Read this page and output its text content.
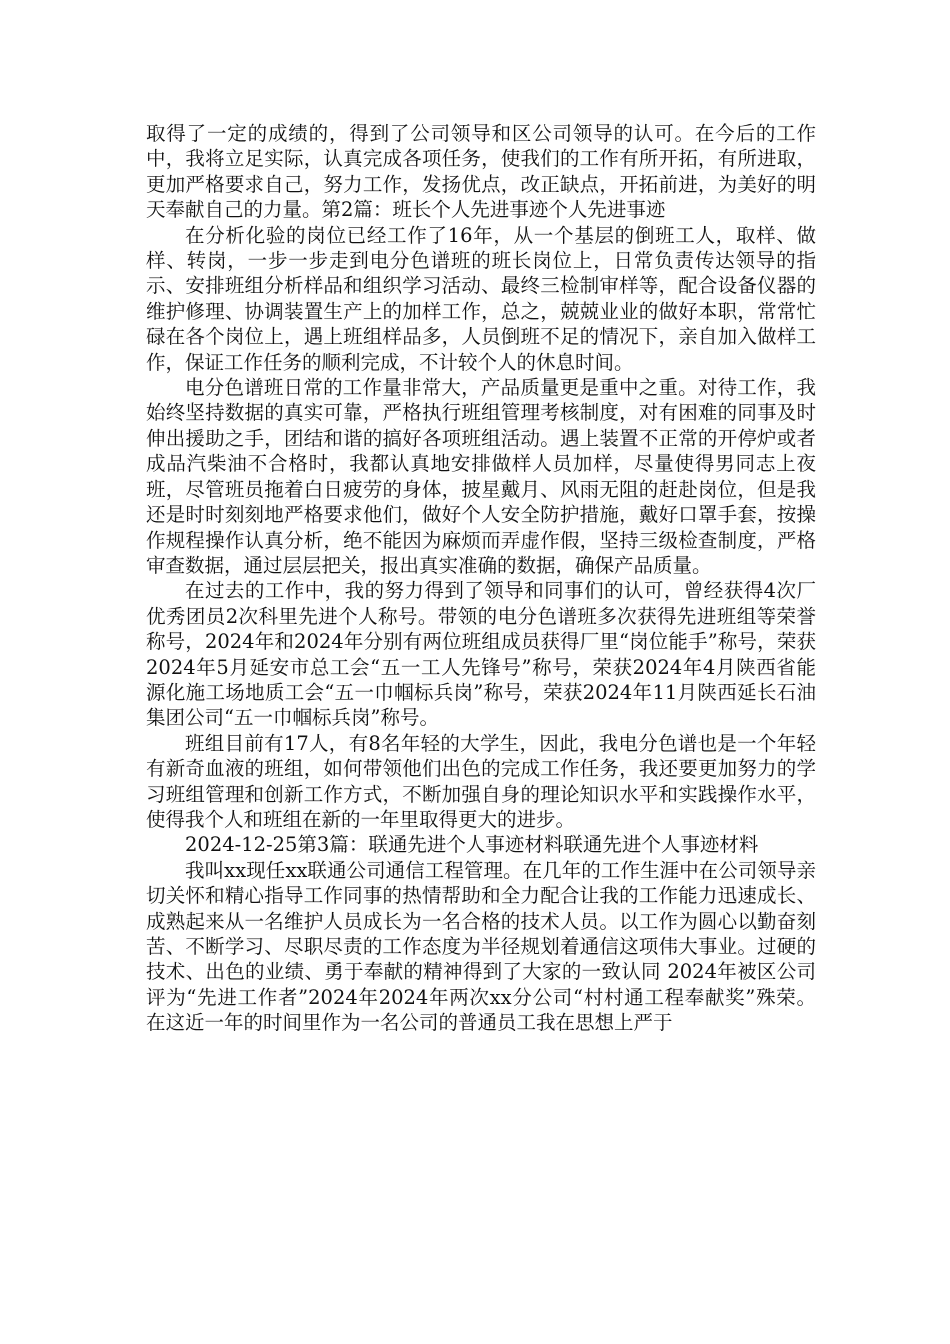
取得了一定的成绩的，得到了公司领导和区公司领导的认可。在今后的工作中，我将立足实际，认真完成各项任务，使我们的工作有所开拓，有所进取，更加严格要求自己，努力工作，发扬优点，改正缺点，开拓前进，为美好的明天奉献自己的力量。第2篇：班长个人先进事迹个人先进事迹

在分析化验的岗位已经工作了16年，从一个基层的倒班工人，取样、做样、转岗，一步一步走到电分色谱班的班长岗位上，日常负责传达领导的指示、安排班组分析样品和组织学习活动、最终三检制审样等，配合设备仪器的维护修理、协调装置生产上的加样工作，总之，兢兢业业的做好本职，常常忙碌在各个岗位上，遇上班组样品多，人员倒班不足的情况下，亲自加入做样工作，保证工作任务的顺利完成，不计较个人的休息时间。

电分色谱班日常的工作量非常大，产品质量更是重中之重。对待工作，我始终坚持数据的真实可靠，严格执行班组管理考核制度，对有困难的同事及时伸出援助之手，团结和谐的搞好各项班组活动。遇上装置不正常的开停炉或者成品汽柴油不合格时，我都认真地安排做样人员加样，尽量使得男同志上夜班，尽管班员拖着白日疲劳的身体，披星戴月、风雨无阻的赶赴岗位，但是我还是时时刻刻地严格要求他们，做好个人安全防护措施，戴好口罩手套，按操作规程操作认真分析，绝不能因为麻烦而弄虚作假，坚持三级检查制度，严格审查数据，通过层层把关，报出真实准确的数据，确保产品质量。

在过去的工作中，我的努力得到了领导和同事们的认可，曾经获得4次厂优秀团员2次科里先进个人称号。带领的电分色谱班多次获得先进班组等荣誉称号，2024年和2024年分别有两位班组成员获得厂里“岗位能手”称号，荣获2024年5月延安市总工会“五一工人先锋号”称号，荣获2024年4月陕西省能源化施工场地质工会“五一巾帼标兵岗”称号，荣获2024年11月陕西延长石油集团公司“五一巾帼标兵岗”称号。

班组目前有17人，有8名年轻的大学生，因此，我电分色谱也是一个年轻有新奇血液的班组，如何带领他们出色的完成工作任务，我还要更加努力的学习班组管理和创新工作方式，不断加强自身的理论知识水平和实践操作水平，使得我个人和班组在新的一年里取得更大的进步。

2024-12-25第3篇：联通先进个人事迹材料联通先进个人事迹材料

我叫xx现任xx联通公司通信工程管理。在几年的工作生涯中在公司领导亲切关怀和精心指导工作同事的热情帮助和全力配合让我的工作能力迅速成长、成熟起来从一名维护人员成长为一名合格的技术人员。以工作为圆心以勤奋刻苦、不断学习、尽职尽责的工作态度为半径规划着通信这项伟大事业。过硬的技术、出色的业绩、勇于奉献的精神得到了大家的一致认同 2024年被区公司评为“先进工作者”2024年2024年两次xx分公司“村村通工程奉献奖”殊荣。 在这近一年的时间里作为一名公司的普通员工我在思想上严于
